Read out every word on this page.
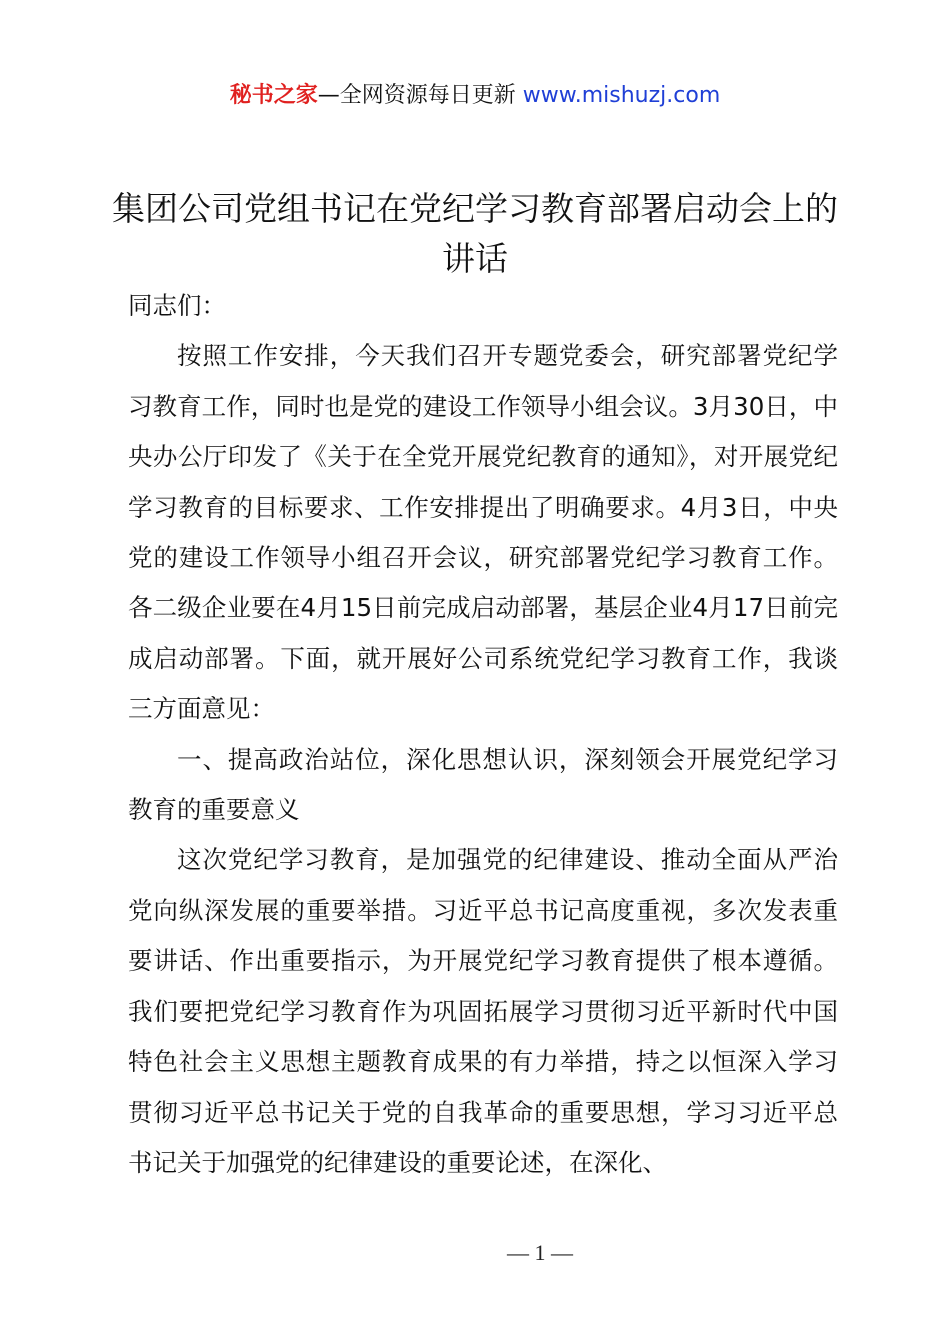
秘书之家—全网资源每日更新 www.mishuzj.com
集团公司党组书记在党纪学习教育部署启动会上的讲话

同志们：

按照工作安排，今天我们召开专题党委会，研究部署党纪学习教育工作，同时也是党的建设工作领导小组会议。3月30日，中央办公厅印发了《关于在全党开展党纪教育的通知》，对开展党纪学习教育的目标要求、工作安排提出了明确要求。4月3日，中央党的建设工作领导小组召开会议，研究部署党纪学习教育工作。各二级企业要在4月15日前完成启动部署，基层企业4月17日前完成启动部署。下面，就开展好公司系统党纪学习教育工作，我谈三方面意见：

一、提高政治站位，深化思想认识，深刻领会开展党纪学习教育的重要意义

这次党纪学习教育，是加强党的纪律建设、推动全面从严治党向纵深发展的重要举措。习近平总书记高度重视，多次发表重要讲话、作出重要指示，为开展党纪学习教育提供了根本遵循。我们要把党纪学习教育作为巩固拓展学习贯彻习近平新时代中国特色社会主义思想主题教育成果的有力举措，持之以恒深入学习贯彻习近平总书记关于党的自我革命的重要思想，学习习近平总书记关于加强党的纪律建设的重要论述，在深化、

— 1 —
